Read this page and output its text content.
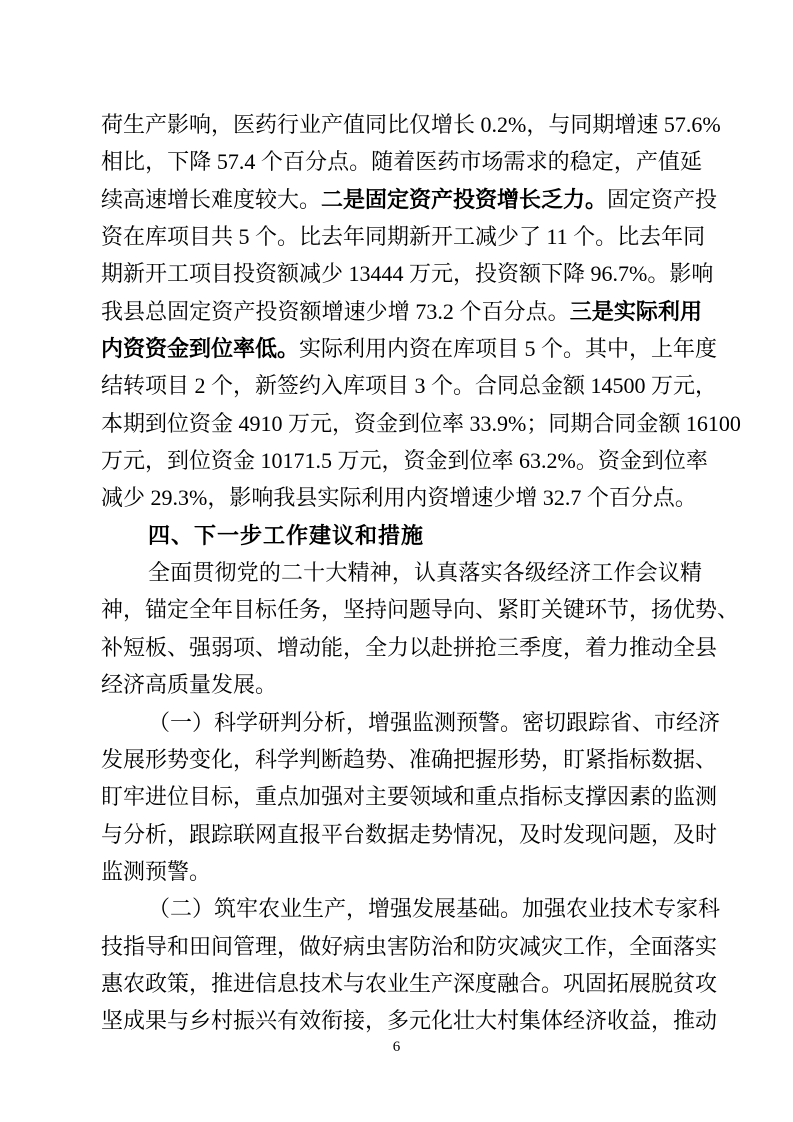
荷生产影响，医药行业产值同比仅增长 0.2%，与同期增速 57.6%
相比，下降 57.4 个百分点。随着医药市场需求的稳定，产值延
续高速增长难度较大。二是固定资产投资增长乏力。固定资产投
资在库项目共 5 个。比去年同期新开工减少了 11 个。比去年同
期新开工项目投资额减少 13444 万元，投资额下降 96.7%。影响
我县总固定资产投资额增速少增 73.2 个百分点。三是实际利用
内资资金到位率低。实际利用内资在库项目 5 个。其中，上年度
结转项目 2 个，新签约入库项目 3 个。合同总金额 14500 万元，
本期到位资金 4910 万元，资金到位率 33.9%；同期合同金额 16100
万元，到位资金 10171.5 万元，资金到位率 63.2%。资金到位率
减少 29.3%，影响我县实际利用内资增速少增 32.7 个百分点。
四、下一步工作建议和措施
全面贯彻党的二十大精神，认真落实各级经济工作会议精
神，锚定全年目标任务，坚持问题导向、紧盯关键环节，扬优势、
补短板、强弱项、增动能，全力以赴拼抢三季度，着力推动全县
经济高质量发展。
（一）科学研判分析，增强监测预警。密切跟踪省、市经济
发展形势变化，科学判断趋势、准确把握形势，盯紧指标数据、
盯牢进位目标，重点加强对主要领域和重点指标支撑因素的监测
与分析，跟踪联网直报平台数据走势情况，及时发现问题，及时
监测预警。
（二）筑牢农业生产，增强发展基础。加强农业技术专家科
技指导和田间管理，做好病虫害防治和防灾减灾工作，全面落实
惠农政策，推进信息技术与农业生产深度融合。巩固拓展脱贫攻
坚成果与乡村振兴有效衔接，多元化壮大村集体经济收益，推动
6
